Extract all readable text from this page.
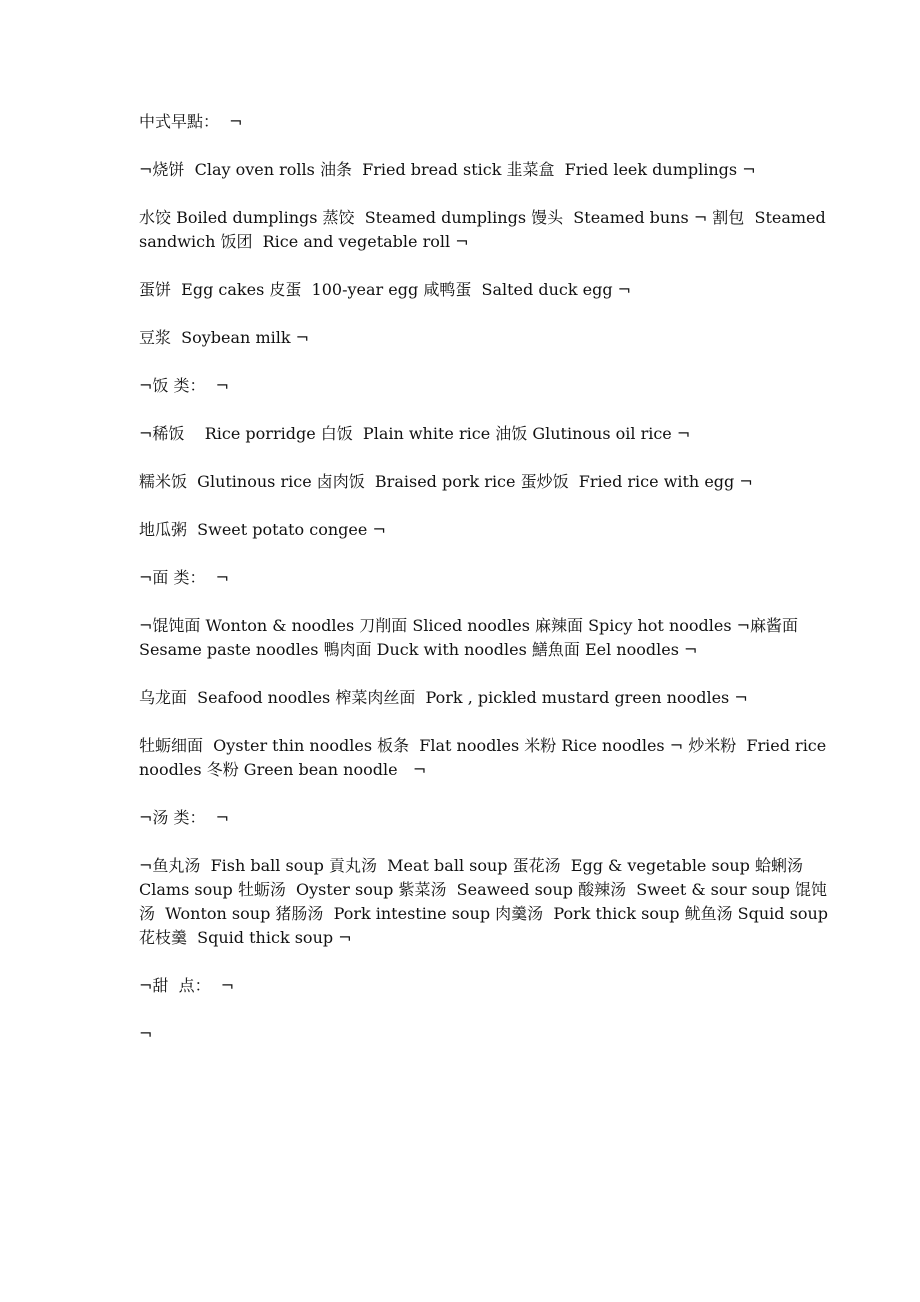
中式早點：  ¬

¬烧饼  Clay oven rolls 油条  Fried bread stick 韭菜盒  Fried leek dumplings ¬

水饺 Boiled dumplings 蒸饺  Steamed dumplings 馒头  Steamed buns ¬ 割包  Steamed sandwich 饭团  Rice and vegetable roll ¬

蛋饼  Egg cakes 皮蛋  100-year egg 咸鸭蛋  Salted duck egg ¬

豆浆  Soybean milk ¬

¬饭 类：  ¬

¬稀饭    Rice porridge 白饭  Plain white rice 油饭 Glutinous oil rice ¬

糯米饭  Glutinous rice 卤肉饭  Braised pork rice 蛋炒饭  Fried rice with egg ¬

地瓜粥  Sweet potato congee ¬

¬面 类：  ¬

¬馄饨面 Wonton & noodles 刀削面 Sliced noodles 麻辣面 Spicy hot noodles ¬麻酱面  Sesame paste noodles 鴨肉面 Duck with noodles 鱔魚面 Eel noodles ¬

乌龙面  Seafood noodles 榨菜肉丝面  Pork , pickled mustard green noodles ¬

牡蛎细面  Oyster thin noodles 板条  Flat noodles 米粉 Rice noodles ¬ 炒米粉  Fried rice noodles 冬粉 Green bean noodle   ¬

¬汤 类：  ¬

¬鱼丸汤  Fish ball soup 貢丸汤  Meat ball soup 蛋花汤  Egg & vegetable soup 蛤蜊汤  Clams soup 牡蛎汤  Oyster soup 紫菜汤  Seaweed soup 酸辣汤  Sweet & sour soup 馄饨汤  Wonton soup 猪肠汤  Pork intestine soup 肉羹汤  Pork thick soup 鱿鱼汤 Squid soup 花枝羹  Squid thick soup ¬

¬甜  点：  ¬

¬
